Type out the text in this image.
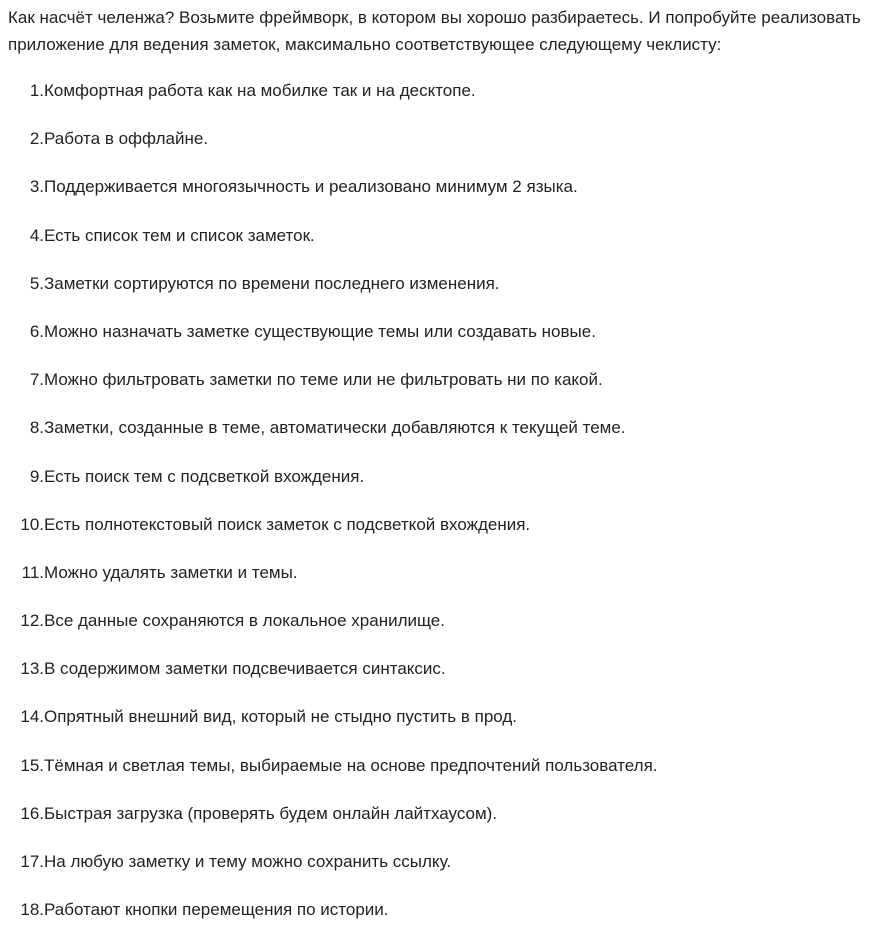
Как насчёт челенжа? Возьмите фреймворк, в котором вы хорошо разбираетесь. И попробуйте реализовать приложение для ведения заметок, максимально соответствующее следующему чеклисту:

1. Комфортная работа как на мобилке так и на десктопе.
2. Работа в оффлайне.
3. Поддерживается многоязычность и реализовано минимум 2 языка.
4. Есть список тем и список заметок.
5. Заметки сортируются по времени последнего изменения.
6. Можно назначать заметке существующие темы или создавать новые.
7. Можно фильтровать заметки по теме или не фильтровать ни по какой.
8. Заметки, созданные в теме, автоматически добавляются к текущей теме.
9. Есть поиск тем с подсветкой вхождения.
10. Есть полнотекстовый поиск заметок с подсветкой вхождения.
11. Можно удалять заметки и темы.
12. Все данные сохраняются в локальное хранилище.
13. В содержимом заметки подсвечивается синтаксис.
14. Опрятный внешний вид, который не стыдно пустить в прод.
15. Тёмная и светлая темы, выбираемые на основе предпочтений пользователя.
16. Быстрая загрузка (проверять будем онлайн лайтхаусом).
17. На любую заметку и тему можно сохранить ссылку.
18. Работают кнопки перемещения по истории.
